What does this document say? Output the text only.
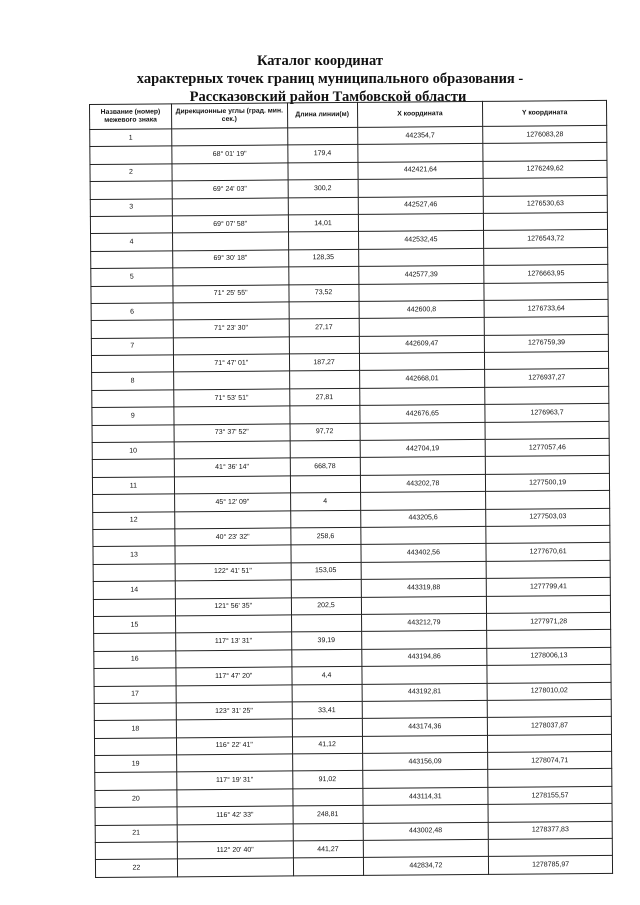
Каталог координат
характерных точек границ муниципального образования -
Рассказовский район Тамбовской области
Название (номер) межевого знака	Дирекционные углы (град. мин. сек.)	Длина линии(м)	X координата	Y координата
1			442354,7	1276083,28
	68° 01' 19"	179,4		
2			442421,64	1276249,62
	69° 24' 03"	300,2		
3			442527,46	1276530,63
	69° 07' 58"	14,01		
4			442532,45	1276543,72
	69° 30' 18"	128,35		
5			442577,39	1276663,95
	71° 25' 55"	73,52		
6			442600,8	1276733,64
	71° 23' 30"	27,17		
7			442609,47	1276759,39
	71° 47' 01"	187,27		
8			442668,01	1276937,27
	71° 53' 51"	27,81		
9			442676,65	1276963,7
	73° 37' 52"	97,72		
10			442704,19	1277057,46
	41° 36' 14"	668,78		
11			443202,78	1277500,19
	45° 12' 09"	4		
12			443205,6	1277503,03
	40° 23' 32"	258,6		
13			443402,56	1277670,61
	122° 41' 51"	153,05		
14			443319,88	1277799,41
	121° 56' 35"	202,5		
15			443212,79	1277971,28
	117° 13' 31"	39,19		
16			443194,86	1278006,13
	117° 47' 20"	4,4		
17			443192,81	1278010,02
	123° 31' 25"	33,41		
18			443174,36	1278037,87
	116° 22' 41"	41,12		
19			443156,09	1278074,71
	117° 19' 31"	91,02		
20			443114,31	1278155,57
	116° 42' 33"	248,81		
21			443002,48	1278377,83
	112° 20' 40"	441,27		
22			442834,72	1278785,97
